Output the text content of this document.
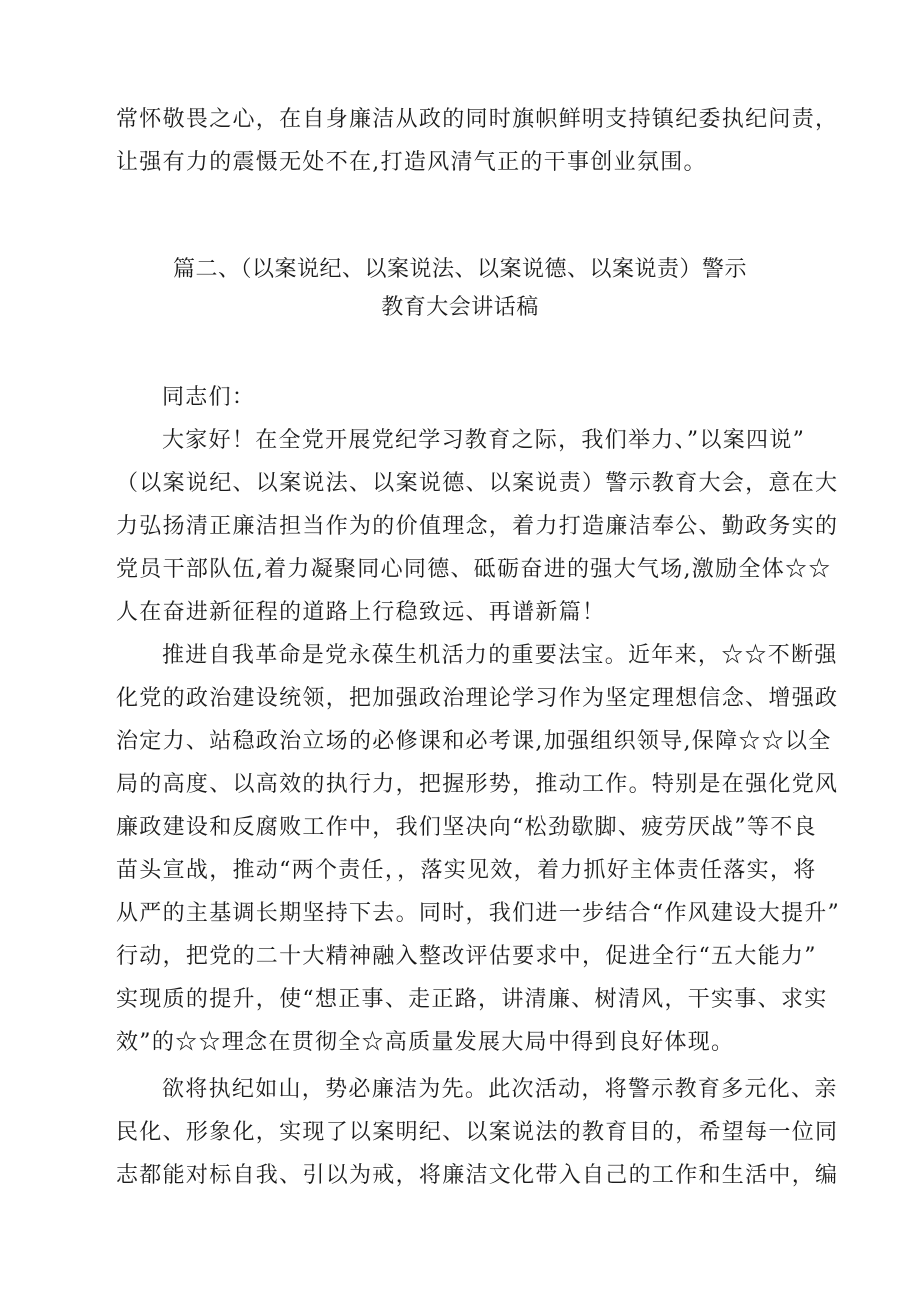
常怀敬畏之心，在自身廉洁从政的同时旗帜鲜明支持镇纪委执纪问责，
让强有力的震慑无处不在,打造风清气正的干事创业氛围。
篇二、（以案说纪、以案说法、以案说德、以案说责）警示
教育大会讲话稿
同志们：
大家好！在全党开展党纪学习教育之际，我们举力、”以案四说”
（以案说纪、以案说法、以案说德、以案说责）警示教育大会，意在大
力弘扬清正廉洁担当作为的价值理念，着力打造廉洁奉公、勤政务实的
党员干部队伍,着力凝聚同心同德、砥砺奋进的强大气场,激励全体☆☆
人在奋进新征程的道路上行稳致远、再谱新篇！
推进自我革命是党永葆生机活力的重要法宝。近年来，☆☆不断强
化党的政治建设统领，把加强政治理论学习作为坚定理想信念、增强政
治定力、站稳政治立场的必修课和必考课,加强组织领导,保障☆☆以全
局的高度、以高效的执行力，把握形势，推动工作。特别是在强化党风
廉政建设和反腐败工作中，我们坚决向“松劲歇脚、疲劳厌战”等不良
苗头宣战，推动“两个责任，，落实见效，着力抓好主体责任落实，将
从严的主基调长期坚持下去。同时，我们进一步结合“作风建设大提升”
行动，把党的二十大精神融入整改评估要求中，促进全行“五大能力”
实现质的提升，使“想正事、走正路，讲清廉、树清风，干实事、求实
效”的☆☆理念在贯彻全☆高质量发展大局中得到良好体现。
欲将执纪如山，势必廉洁为先。此次活动，将警示教育多元化、亲
民化、形象化，实现了以案明纪、以案说法的教育目的，希望每一位同
志都能对标自我、引以为戒，将廉洁文化带入自己的工作和生活中，编
